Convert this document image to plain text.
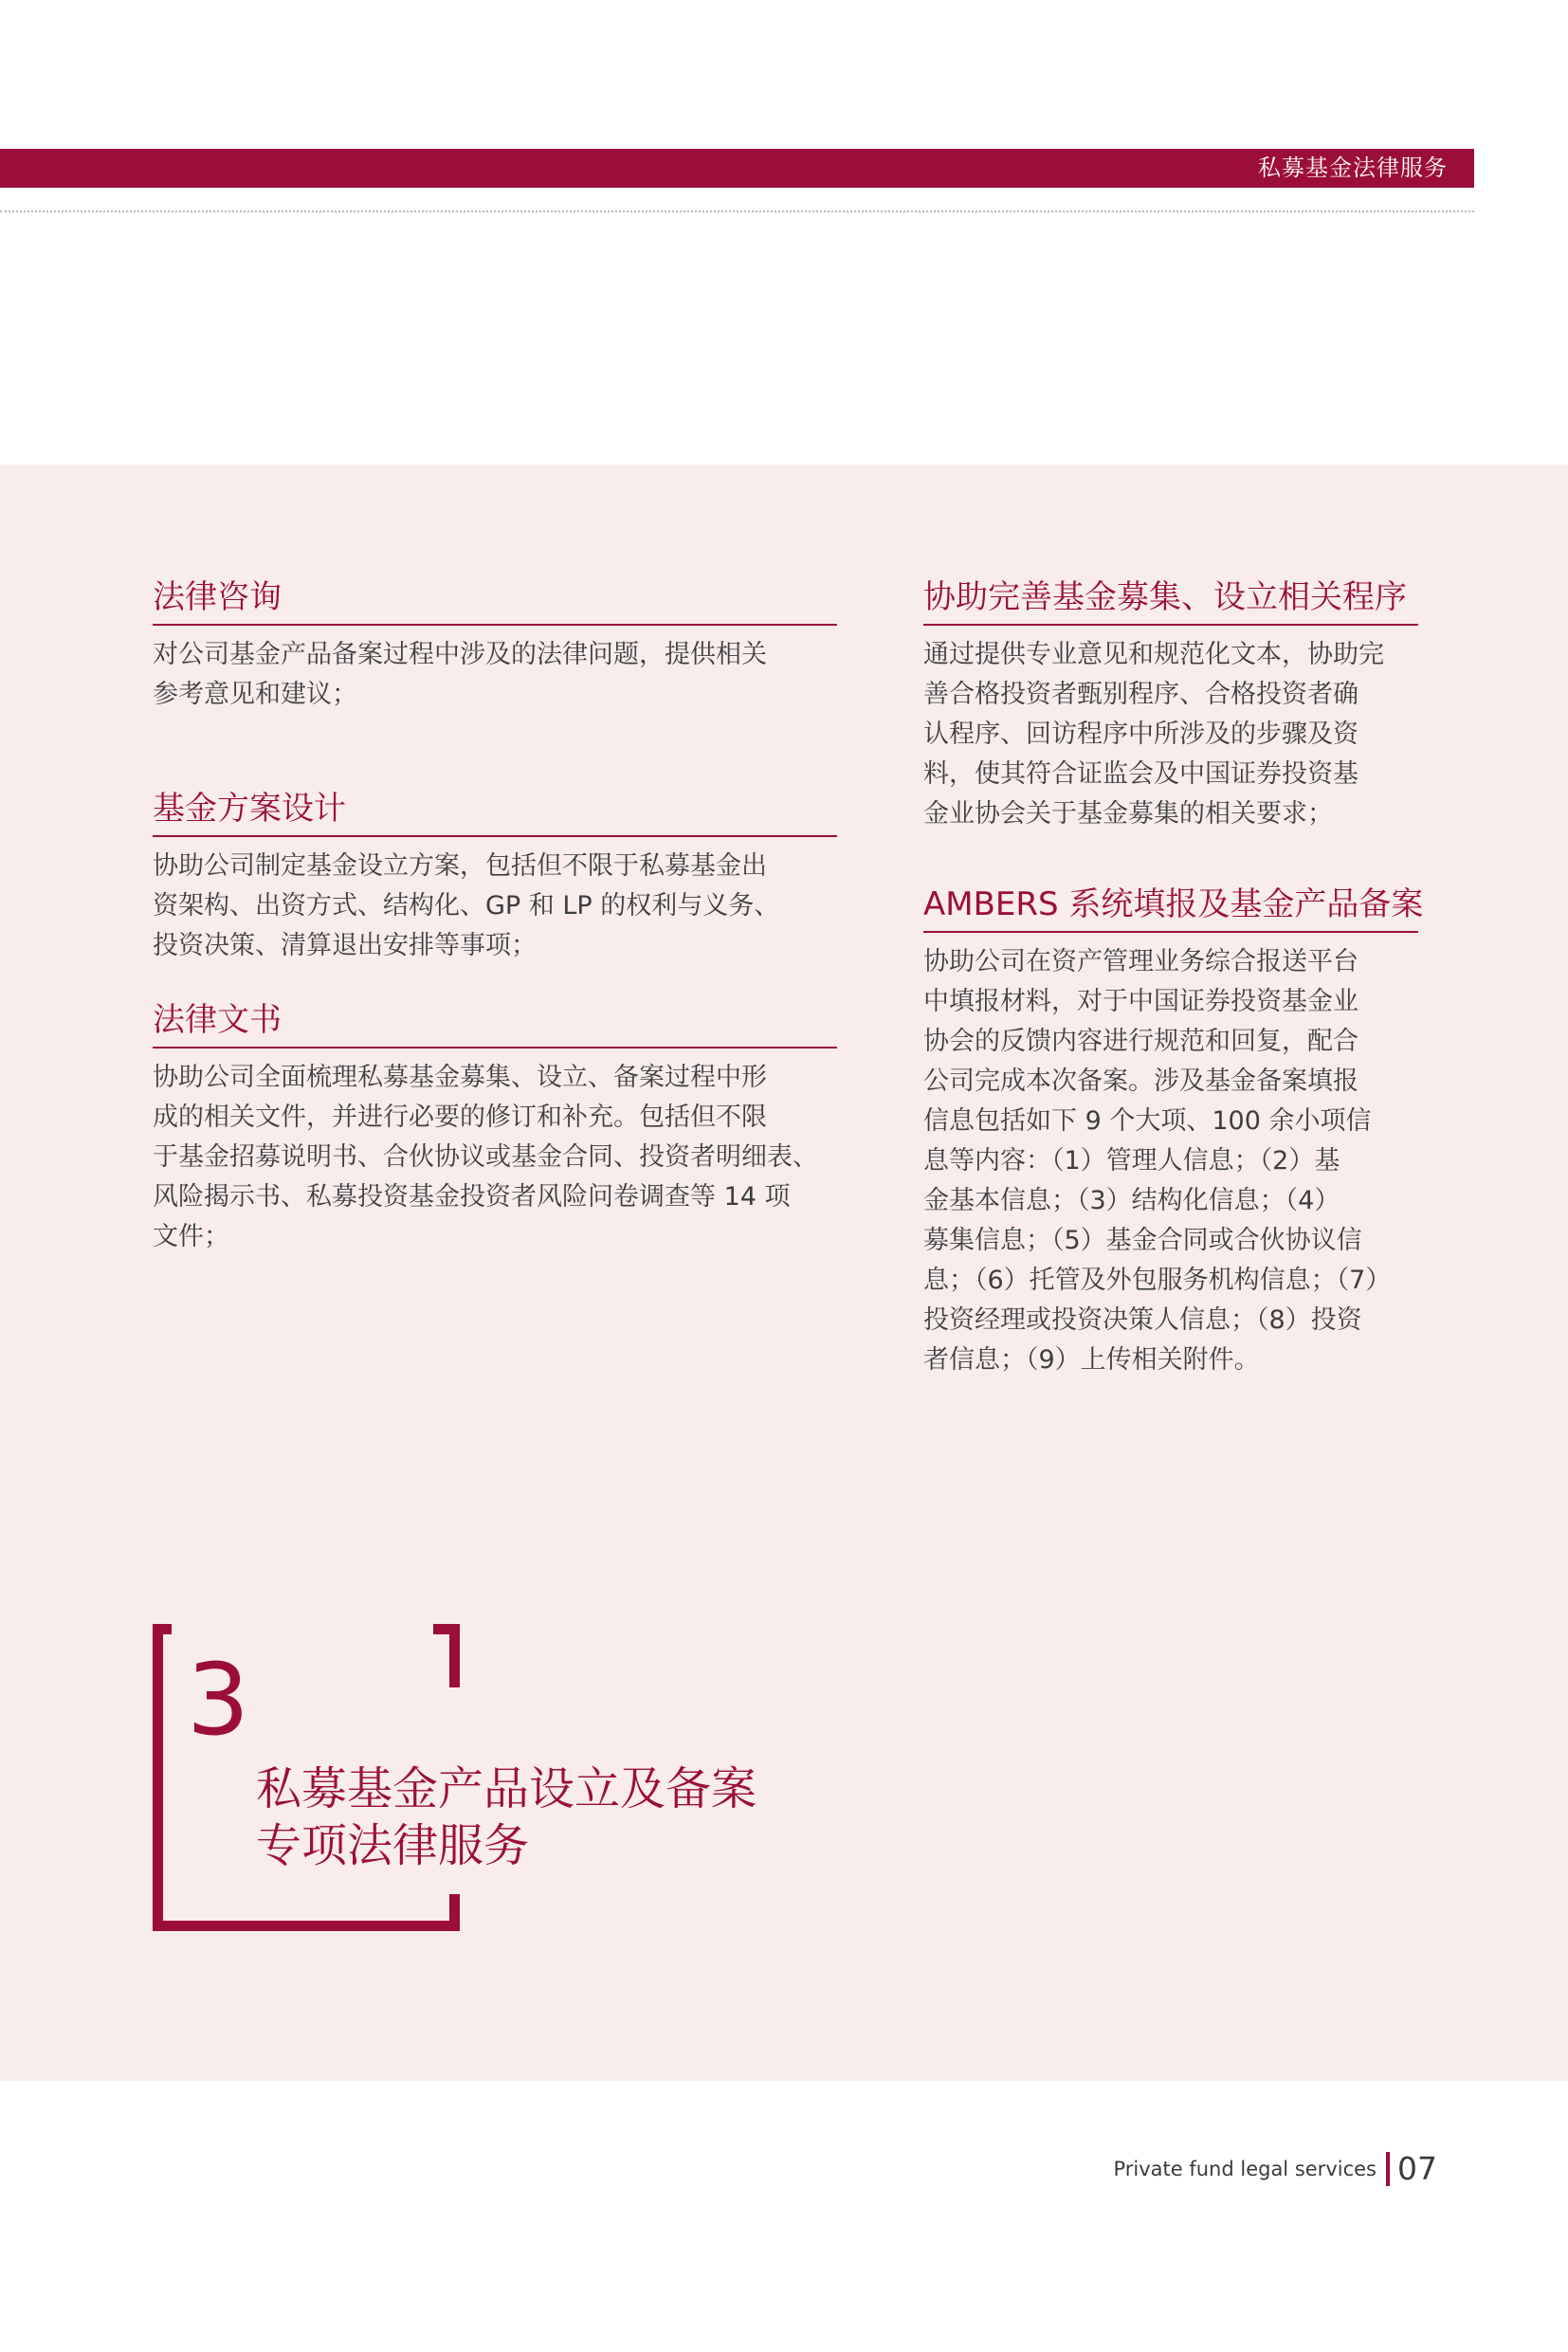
私募基金法律服务
法律咨询
对公司基金产品备案过程中涉及的法律问题，提供相关
参考意见和建议；
基金方案设计
协助公司制定基金设立方案，包括但不限于私募基金出
资架构、出资方式、结构化、GP 和 LP 的权利与义务、
投资决策、清算退出安排等事项；
法律文书
协助公司全面梳理私募基金募集、设立、备案过程中形
成的相关文件，并进行必要的修订和补充。包括但不限
于基金招募说明书、合伙协议或基金合同、投资者明细表、
风险揭示书、私募投资基金投资者风险问卷调查等 14 项
文件；
协助完善基金募集、设立相关程序
通过提供专业意见和规范化文本，协助完
善合格投资者甄别程序、合格投资者确
认程序、回访程序中所涉及的步骤及资
料，使其符合证监会及中国证券投资基
金业协会关于基金募集的相关要求；
AMBERS 系统填报及基金产品备案
协助公司在资产管理业务综合报送平台
中填报材料，对于中国证券投资基金业
协会的反馈内容进行规范和回复，配合
公司完成本次备案。涉及基金备案填报
信息包括如下 9 个大项、100 余小项信
息等内容：（1）管理人信息；（2）基
金基本信息；（3）结构化信息；（4）
募集信息；（5）基金合同或合伙协议信
息；（6）托管及外包服务机构信息；（7）
投资经理或投资决策人信息；（8）投资
者信息；（9）上传相关附件。
3
私募基金产品设立及备案
专项法律服务
Private fund legal services 07
